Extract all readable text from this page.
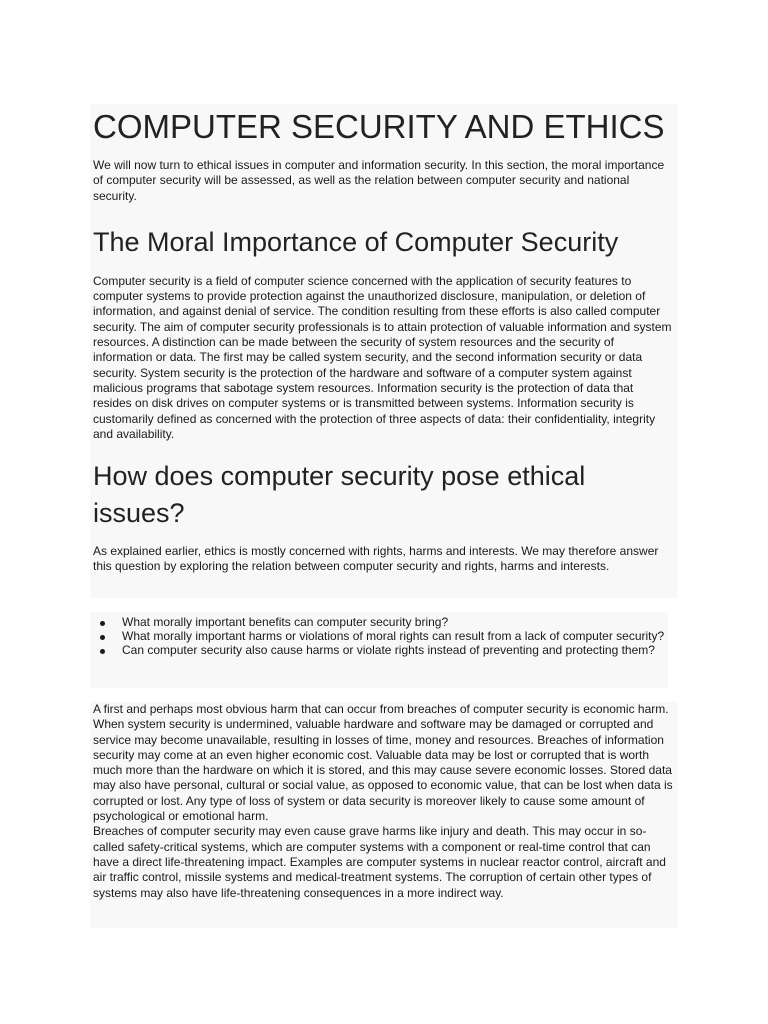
COMPUTER SECURITY AND ETHICS

We will now turn to ethical issues in computer and information security. In this section, the moral importance of computer security will be assessed, as well as the relation between computer security and national security.

The Moral Importance of Computer Security

Computer security is a field of computer science concerned with the application of security features to computer systems to provide protection against the unauthorized disclosure, manipulation, or deletion of information, and against denial of service. The condition resulting from these efforts is also called computer security. The aim of computer security professionals is to attain protection of valuable information and system resources. A distinction can be made between the security of system resources and the security of information or data. The first may be called system security, and the second information security or data security. System security is the protection of the hardware and software of a computer system against malicious programs that sabotage system resources. Information security is the protection of data that resides on disk drives on computer systems or is transmitted between systems. Information security is customarily defined as concerned with the protection of three aspects of data: their confidentiality, integrity and availability.

How does computer security pose ethical issues?

As explained earlier, ethics is mostly concerned with rights, harms and interests. We may therefore answer this question by exploring the relation between computer security and rights, harms and interests.

What morally important benefits can computer security bring?
What morally important harms or violations of moral rights can result from a lack of computer security?
Can computer security also cause harms or violate rights instead of preventing and protecting them?

A first and perhaps most obvious harm that can occur from breaches of computer security is economic harm. When system security is undermined, valuable hardware and software may be damaged or corrupted and service may become unavailable, resulting in losses of time, money and resources. Breaches of information security may come at an even higher economic cost. Valuable data may be lost or corrupted that is worth much more than the hardware on which it is stored, and this may cause severe economic losses. Stored data may also have personal, cultural or social value, as opposed to economic value, that can be lost when data is corrupted or lost. Any type of loss of system or data security is moreover likely to cause some amount of psychological or emotional harm.

Breaches of computer security may even cause grave harms like injury and death. This may occur in so-called safety-critical systems, which are computer systems with a component or real-time control that can have a direct life-threatening impact. Examples are computer systems in nuclear reactor control, aircraft and air traffic control, missile systems and medical-treatment systems. The corruption of certain other types of systems may also have life-threatening consequences in a more indirect way.
